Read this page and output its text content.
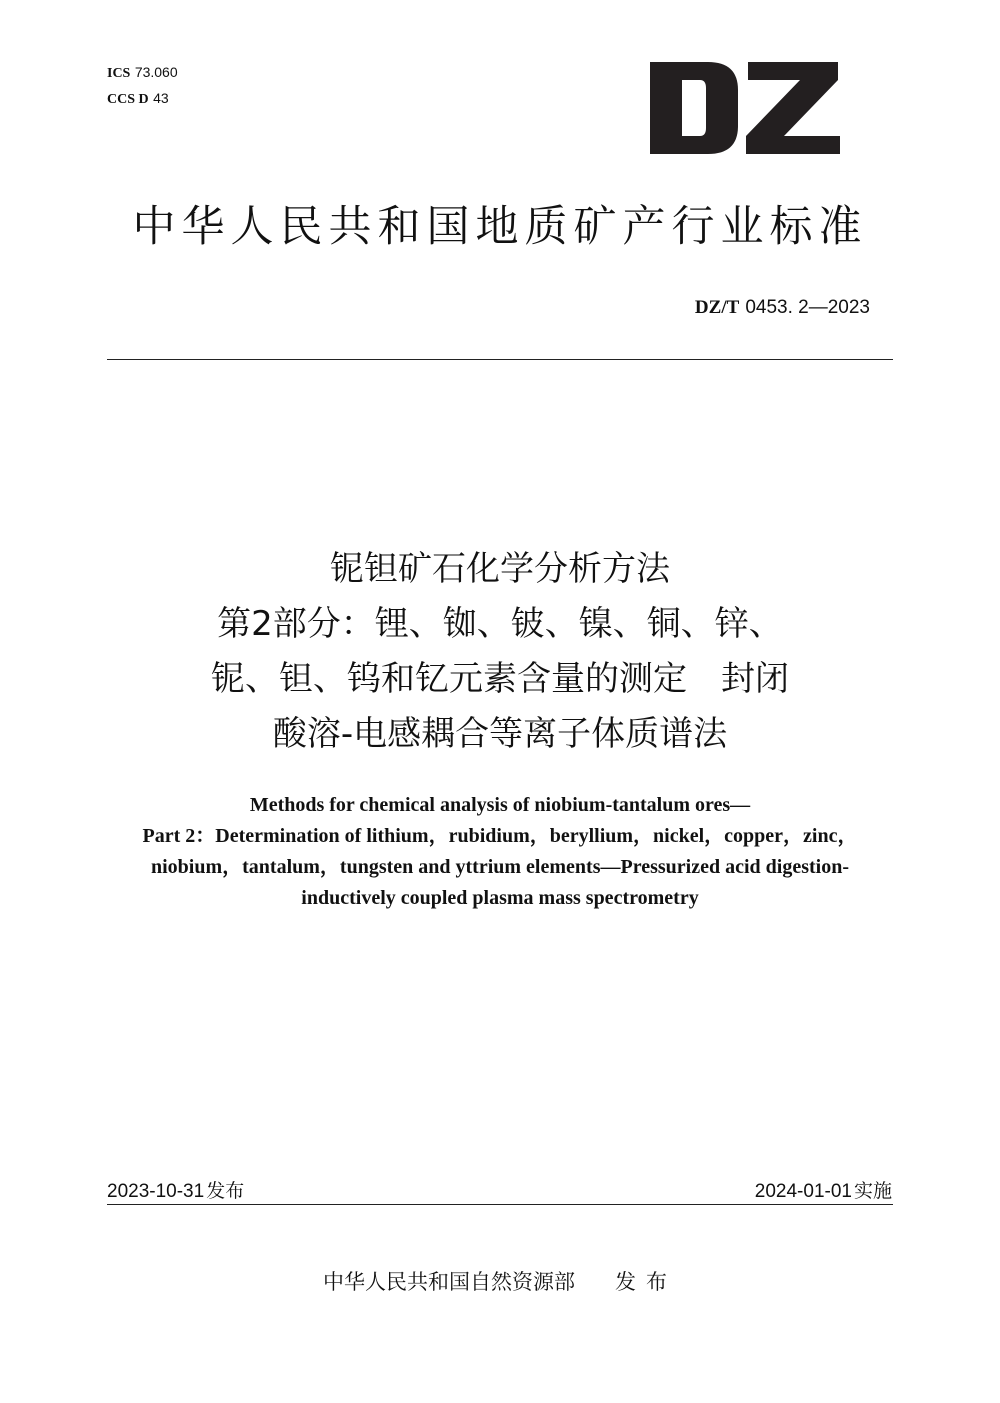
ICS 73.060
CCS D 43
中华人民共和国地质矿产行业标准
DZ/T 0453. 2—2023
铌钽矿石化学分析方法
第2部分：锂、铷、铍、镍、铜、锌、
铌、钽、钨和钇元素含量的测定　封闭
酸溶-电感耦合等离子体质谱法
Methods for chemical analysis of niobium-tantalum ores—
Part 2：Determination of lithium，rubidium，beryllium，nickel，copper，zinc，
niobium，tantalum，tungsten and yttrium elements—Pressurized acid digestion-
inductively coupled plasma mass spectrometry
2023-10-31 发布	2024-01-01 实施
中华人民共和国自然资源部 发布
